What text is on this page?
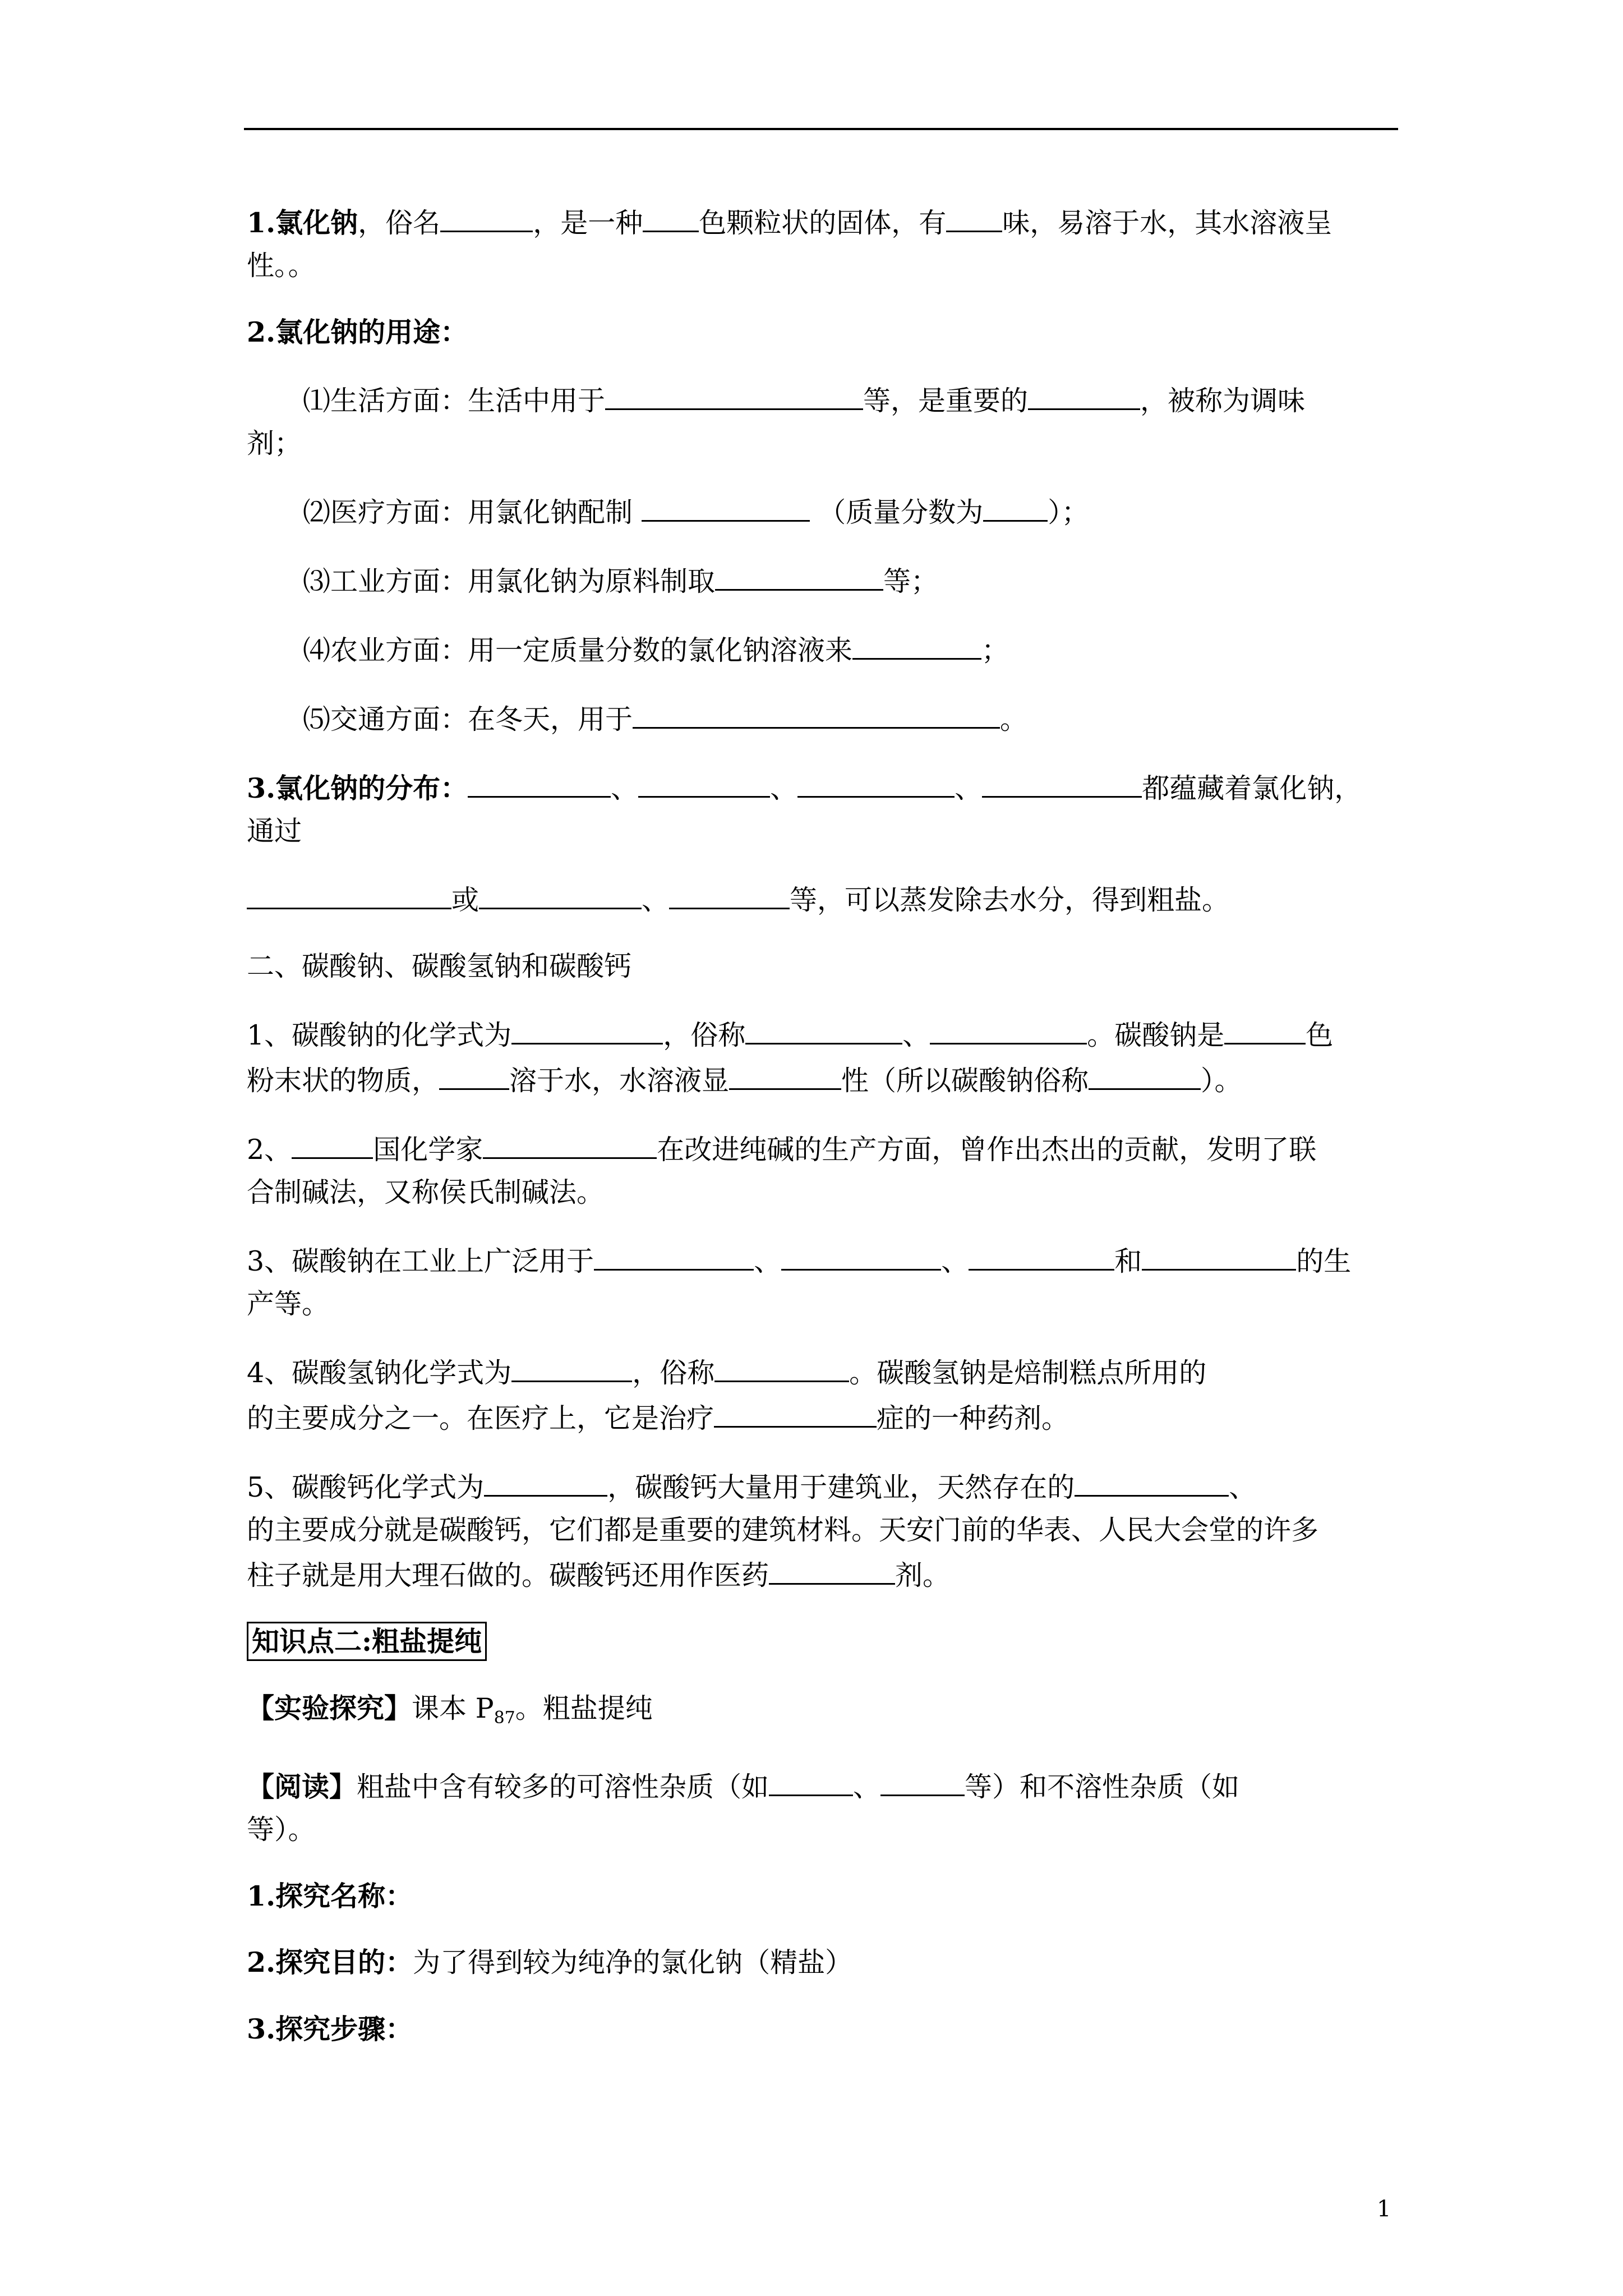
1.氯化钠，俗名	，是一种 色颗粒状的固体，有 味，易溶于水，其水溶液呈
性。。

2.氯化钠的用途：

⑴生活方面：生活中用于	等，是重要的	，被称为调味

剂；

⑵医疗方面：用氯化钠配制	（质量分数为 ）；

⑶工业方面：用氯化钠为原料制取	等；

⑷农业方面：用一定质量分数的氯化钠溶液来	；

⑸交通方面：在冬天，用于	。

3.氯化钠的分布：	、	、	、	都蕴藏着氯化钠，
通过

或	、	等，可以蒸发除去水分，得到粗盐。

二、碳酸钠、碳酸氢钠和碳酸钙

1、碳酸钠的化学式为	，俗称	、	。碳酸钠是	色
粉末状的物质，	溶于水，水溶液显	性（所以碳酸钠俗称	）。

2、	国化学家	在改进纯碱的生产方面，曾作出杰出的贡献，发明了联
合制碱法，又称侯氏制碱法。

3、碳酸钠在工业上广泛用于	、	、	和	的生
产等。

4、碳酸氢钠化学式为	，俗称	。碳酸氢钠是焙制糕点所用的
的主要成分之一。在医疗上，它是治疗	症的一种药剂。

5、碳酸钙化学式为	，碳酸钙大量用于建筑业，天然存在的	、
的主要成分就是碳酸钙，它们都是重要的建筑材料。天安门前的华表、人民大会堂的许多
柱子就是用大理石做的。碳酸钙还用作医药	剂。

知识点二:粗盐提纯

【实验探究】课本 $P_{87}$。粗盐提纯

【阅读】粗盐中含有较多的可溶性杂质（如	、	等）和不溶性杂质（如
等）。

1.探究名称：

2.探究目的：为了得到较为纯净的氯化钠（精盐）

3.探究步骤：

1
